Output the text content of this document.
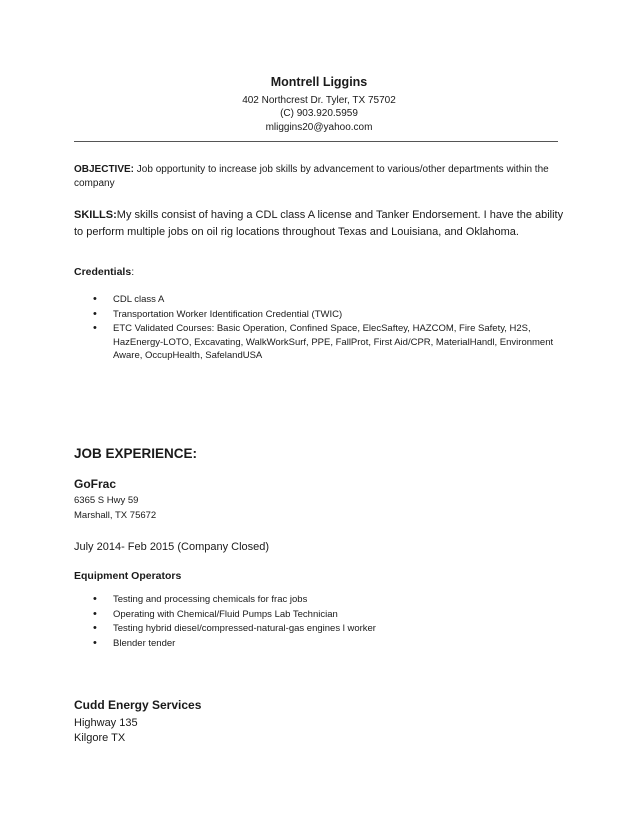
Montrell Liggins
402 Northcrest Dr. Tyler, TX 75702
(C) 903.920.5959
mliggins20@yahoo.com
OBJECTIVE: Job opportunity to increase job skills by advancement to various/other departments within the company
SKILLS:My skills consist of having a CDL class A license and Tanker Endorsement. I have the ability to perform multiple jobs on oil rig locations throughout Texas and Louisiana, and Oklahoma.
Credentials:
• CDL class A
• Transportation Worker Identification Credential (TWIC)
• ETC Validated Courses: Basic Operation, Confined Space, ElecSaftey, HAZCOM, Fire Safety, H2S, HazEnergy-LOTO, Excavating, WalkWorkSurf, PPE, FallProt, First Aid/CPR, MaterialHandl, Environment Aware, OccupHealth, SafelandUSA
JOB EXPERIENCE:
GoFrac
6365 S Hwy 59
Marshall, TX 75672
July 2014- Feb 2015 (Company Closed)
Equipment Operators
• Testing and processing chemicals for frac jobs
• Operating with Chemical/Fluid Pumps Lab Technician
• Testing hybrid diesel/compressed-natural-gas engines l worker
• Blender tender
Cudd Energy Services
Highway 135
Kilgore TX
